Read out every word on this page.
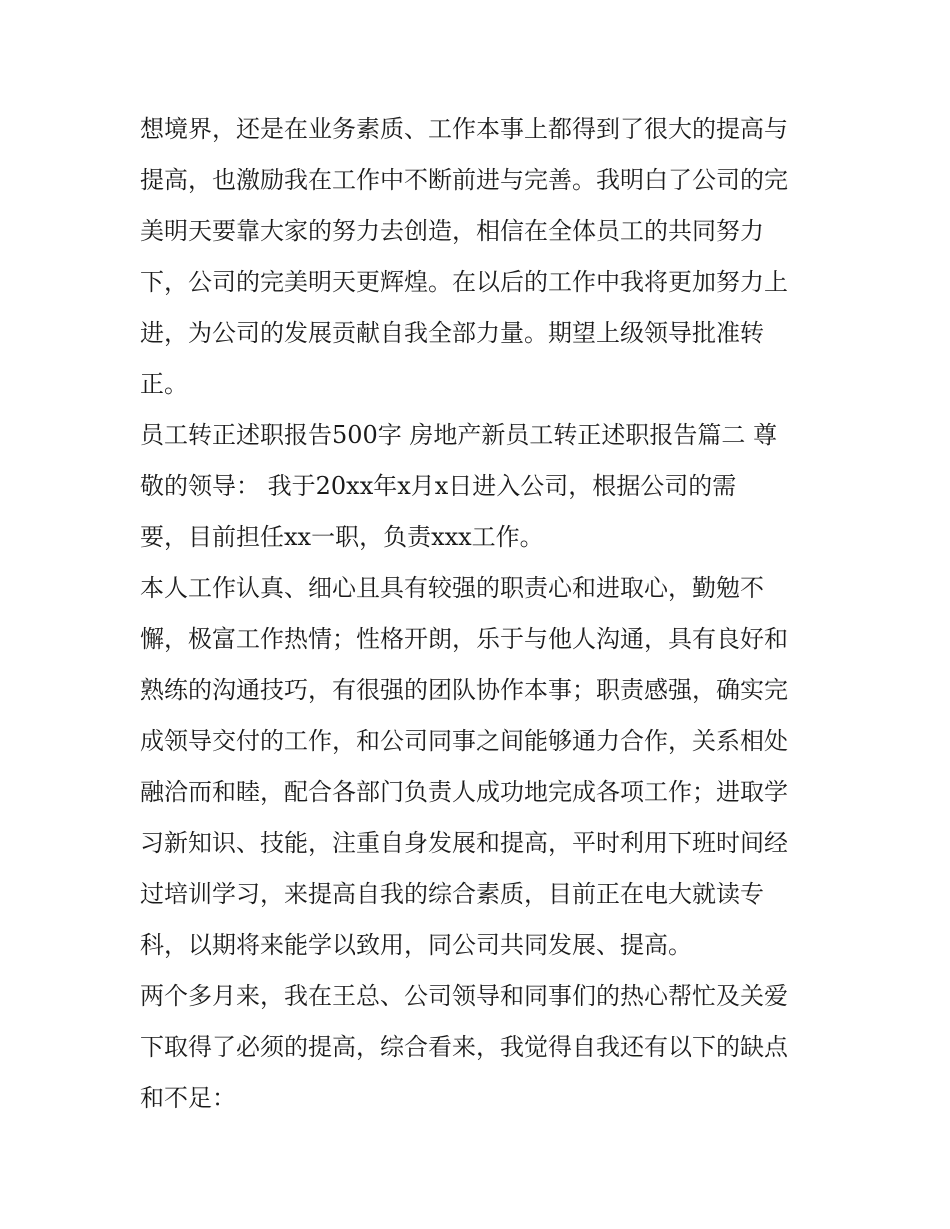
想境界，还是在业务素质、工作本事上都得到了很大的提高与
提高，也激励我在工作中不断前进与完善。我明白了公司的完
美明天要靠大家的努力去创造，相信在全体员工的共同努力
下，公司的完美明天更辉煌。在以后的工作中我将更加努力上
进，为公司的发展贡献自我全部力量。期望上级领导批准转
正。

员工转正述职报告500字 房地产新员工转正述职报告篇二 尊
敬的领导： 我于20xx年x月x日进入公司，根据公司的需
要，目前担任xx一职，负责xxx工作。

本人工作认真、细心且具有较强的职责心和进取心，勤勉不
懈，极富工作热情；性格开朗，乐于与他人沟通，具有良好和
熟练的沟通技巧，有很强的团队协作本事；职责感强，确实完
成领导交付的工作，和公司同事之间能够通力合作，关系相处
融洽而和睦，配合各部门负责人成功地完成各项工作；进取学
习新知识、技能，注重自身发展和提高，平时利用下班时间经
过培训学习，来提高自我的综合素质，目前正在电大就读专
科，以期将来能学以致用，同公司共同发展、提高。

两个多月来，我在王总、公司领导和同事们的热心帮忙及关爱
下取得了必须的提高，综合看来，我觉得自我还有以下的缺点
和不足：
